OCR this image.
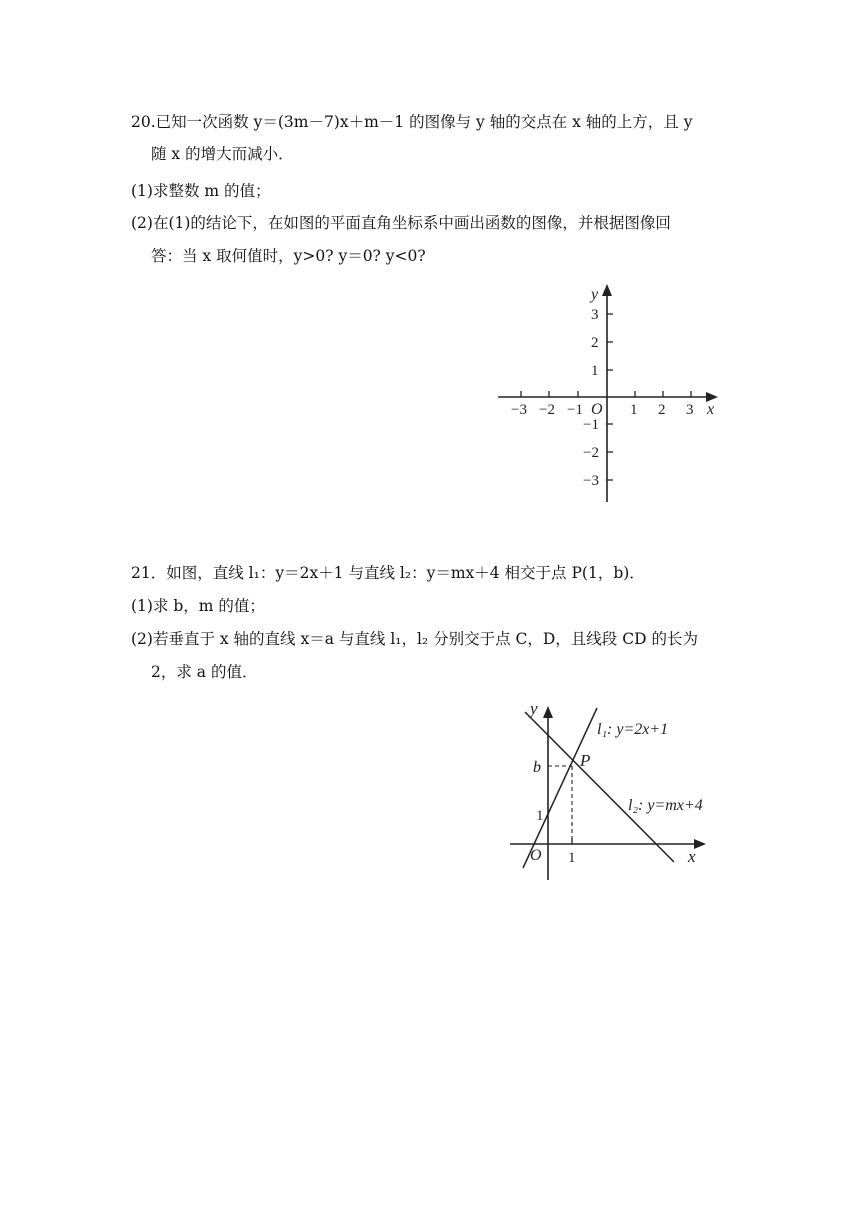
20.已知一次函数 y＝(3m－7)x＋m－1 的图像与 y 轴的交点在 x 轴的上方，且 y
随 x 的增大而减小．
(1)求整数 m 的值；
(2)在(1)的结论下，在如图的平面直角坐标系中画出函数的图像，并根据图像回
答：当 x 取何值时，y>0? y＝0? y<0?
x
y
O
−3 −2 −1	1 2 3
3
2
1
−1
−2
−3
21．如图，直线 l₁：y＝2x＋1 与直线 l₂：y＝mx＋4 相交于点 P(1，b)．
(1)求 b，m 的值；
(2)若垂直于 x 轴的直线 x＝a 与直线 l₁，l₂ 分别交于点 C，D，且线段 CD 的长为
2，求 a 的值．
y
x
O
b
1
1
P
l₁: y=2x+1
l₂: y=mx+4
